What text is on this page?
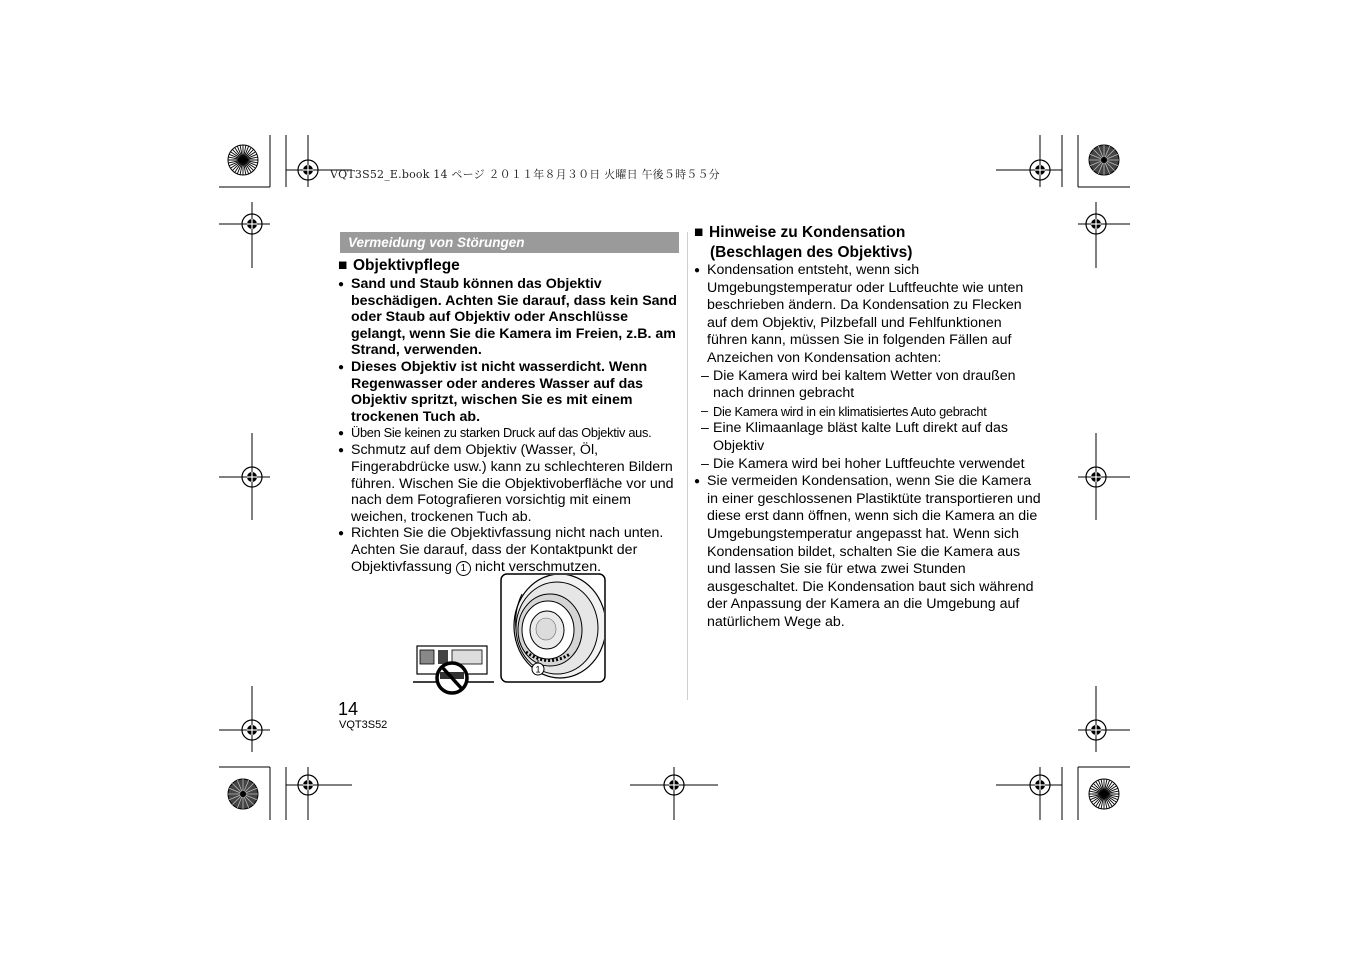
VQT3S52_E.book 14 ページ ２０１１年８月３０日 火曜日 午後５時５５分
Vermeidung von Störungen
■ Objektivpflege
● Sand und Staub können das Objektiv beschädigen. Achten Sie darauf, dass kein Sand oder Staub auf Objektiv oder Anschlüsse gelangt, wenn Sie die Kamera im Freien, z.B. am Strand, verwenden.
● Dieses Objektiv ist nicht wasserdicht. Wenn Regenwasser oder anderes Wasser auf das Objektiv spritzt, wischen Sie es mit einem trockenen Tuch ab.
● Üben Sie keinen zu starken Druck auf das Objektiv aus.
● Schmutz auf dem Objektiv (Wasser, Öl, Fingerabdrücke usw.) kann zu schlechteren Bildern führen. Wischen Sie die Objektivoberfläche vor und nach dem Fotografieren vorsichtig mit einem weichen, trockenen Tuch ab.
● Richten Sie die Objektivfassung nicht nach unten. Achten Sie darauf, dass der Kontaktpunkt der Objektivfassung 1 nicht verschmutzen.
1
■ Hinweise zu Kondensation
(Beschlagen des Objektivs)
● Kondensation entsteht, wenn sich Umgebungstemperatur oder Luftfeuchte wie unten beschrieben ändern. Da Kondensation zu Flecken auf dem Objektiv, Pilzbefall und Fehlfunktionen führen kann, müssen Sie in folgenden Fällen auf Anzeichen von Kondensation achten:
– Die Kamera wird bei kaltem Wetter von draußen nach drinnen gebracht
– Die Kamera wird in ein klimatisiertes Auto gebracht
– Eine Klimaanlage bläst kalte Luft direkt auf das Objektiv
– Die Kamera wird bei hoher Luftfeuchte verwendet
● Sie vermeiden Kondensation, wenn Sie die Kamera in einer geschlossenen Plastiktüte transportieren und diese erst dann öffnen, wenn sich die Kamera an die Umgebungstemperatur angepasst hat. Wenn sich Kondensation bildet, schalten Sie die Kamera aus und lassen Sie sie für etwa zwei Stunden ausgeschaltet. Die Kondensation baut sich während der Anpassung der Kamera an die Umgebung auf natürlichem Wege ab.
14
VQT3S52
